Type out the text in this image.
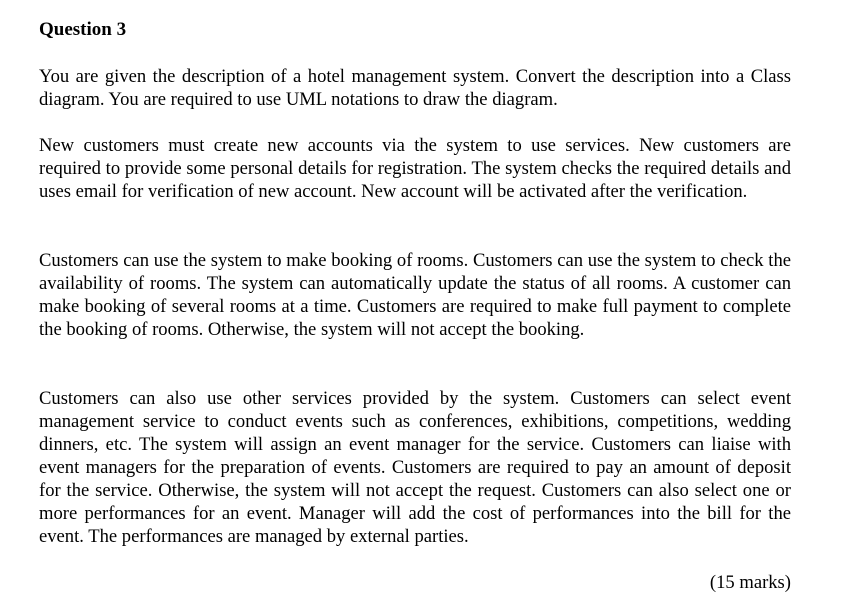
Question 3

You are given the description of a hotel management system. Convert the description into a Class diagram. You are required to use UML notations to draw the diagram.

New customers must create new accounts via the system to use services. New customers are required to provide some personal details for registration. The system checks the required details and uses email for verification of new account. New account will be activated after the verification.

Customers can use the system to make booking of rooms. Customers can use the system to check the availability of rooms. The system can automatically update the status of all rooms. A customer can make booking of several rooms at a time. Customers are required to make full payment to complete the booking of rooms. Otherwise, the system will not accept the booking.

Customers can also use other services provided by the system. Customers can select event management service to conduct events such as conferences, exhibitions, competitions, wedding dinners, etc. The system will assign an event manager for the service. Customers can liaise with event managers for the preparation of events. Customers are required to pay an amount of deposit for the service. Otherwise, the system will not accept the request. Customers can also select one or more performances for an event. Manager will add the cost of performances into the bill for the event. The performances are managed by external parties.

(15 marks)
